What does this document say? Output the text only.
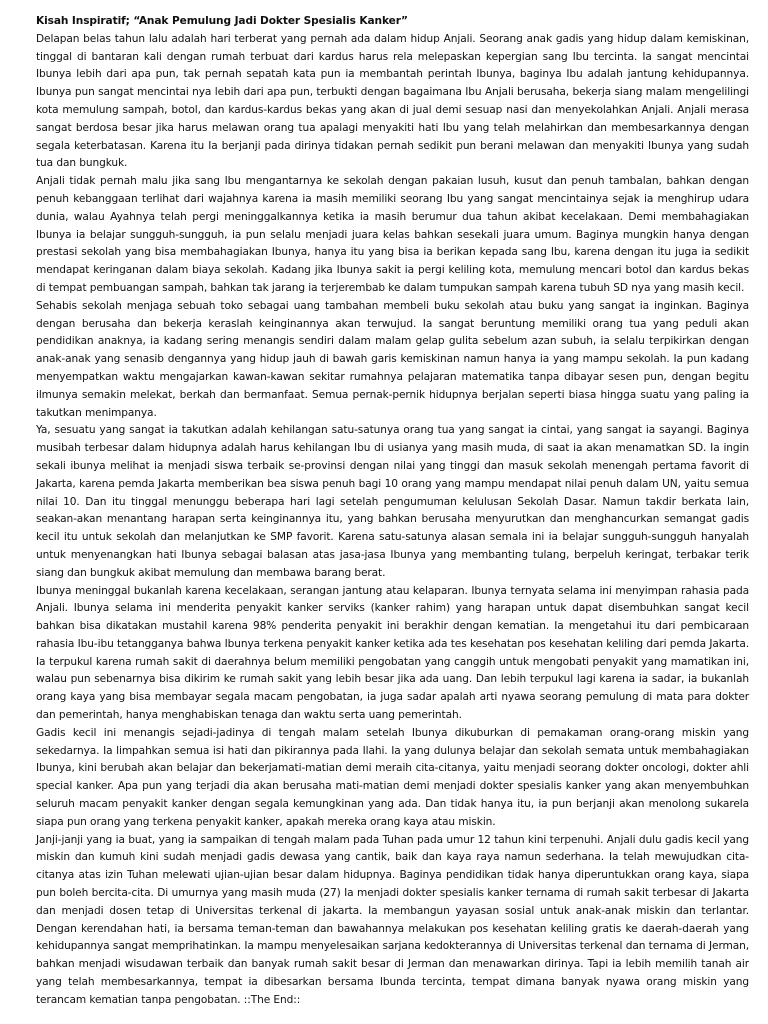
Kisah Inspiratif; “Anak Pemulung Jadi Dokter Spesialis Kanker”

Delapan belas tahun lalu adalah hari terberat yang pernah ada dalam hidup Anjali. Seorang anak gadis yang hidup dalam kemiskinan, tinggal di bantaran kali dengan rumah terbuat dari kardus harus rela melepaskan kepergian sang Ibu tercinta. Ia sangat mencintai Ibunya lebih dari apa pun, tak pernah sepatah kata pun ia membantah perintah Ibunya, baginya Ibu adalah jantung kehidupannya. Ibunya pun sangat mencintai nya lebih dari apa pun, terbukti dengan bagaimana Ibu Anjali berusaha, bekerja siang malam mengelilingi kota memulung sampah, botol, dan kardus-kardus bekas yang akan di jual demi sesuap nasi dan menyekolahkan Anjali. Anjali merasa sangat berdosa besar jika harus melawan orang tua apalagi menyakiti hati Ibu yang telah melahirkan dan membesarkannya dengan segala keterbatasan. Karena itu Ia berjanji pada dirinya tidakan pernah sedikit pun berani melawan dan menyakiti Ibunya yang sudah tua dan bungkuk.

Anjali tidak pernah malu jika sang Ibu mengantarnya ke sekolah dengan pakaian lusuh, kusut dan penuh tambalan, bahkan dengan penuh kebanggaan terlihat dari wajahnya karena ia masih memiliki seorang Ibu yang sangat mencintainya sejak ia menghirup udara dunia, walau Ayahnya telah pergi meninggalkannya ketika ia masih berumur dua tahun akibat kecelakaan. Demi membahagiakan Ibunya ia belajar sungguh-sungguh, ia pun selalu menjadi juara kelas bahkan sesekali juara umum. Baginya mungkin hanya dengan prestasi sekolah yang bisa membahagiakan Ibunya, hanya itu yang bisa ia berikan kepada sang Ibu, karena dengan itu juga ia sedikit mendapat keringanan dalam biaya sekolah. Kadang jika Ibunya sakit ia pergi keliling kota, memulung mencari botol dan kardus bekas di tempat pembuangan sampah, bahkan tak jarang ia terjerembab ke dalam tumpukan sampah karena tubuh SD nya yang masih kecil.

Sehabis sekolah menjaga sebuah toko sebagai uang tambahan membeli buku sekolah atau buku yang sangat ia inginkan. Baginya dengan berusaha dan bekerja keraslah keinginannya akan terwujud. Ia sangat beruntung memiliki orang tua yang peduli akan pendidikan anaknya, ia kadang sering menangis sendiri dalam malam gelap gulita sebelum azan subuh, ia selalu terpikirkan dengan anak-anak yang senasib dengannya yang hidup jauh di bawah garis kemiskinan namun hanya ia yang mampu sekolah. Ia pun kadang menyempatkan waktu mengajarkan kawan-kawan sekitar rumahnya pelajaran matematika tanpa dibayar sesen pun, dengan begitu ilmunya semakin melekat, berkah dan bermanfaat. Semua pernak-pernik hidupnya berjalan seperti biasa hingga suatu yang paling ia takutkan menimpanya.

Ya, sesuatu yang sangat ia takutkan adalah kehilangan satu-satunya orang tua yang sangat ia cintai, yang sangat ia sayangi. Baginya musibah terbesar dalam hidupnya adalah harus kehilangan Ibu di usianya yang masih muda, di saat ia akan menamatkan SD. Ia ingin sekali ibunya melihat ia menjadi siswa terbaik se-provinsi dengan nilai yang tinggi dan masuk sekolah menengah pertama favorit di Jakarta, karena pemda Jakarta memberikan bea siswa penuh bagi 10 orang yang mampu mendapat nilai penuh dalam UN, yaitu semua nilai 10. Dan itu tinggal menunggu beberapa hari lagi setelah pengumuman kelulusan Sekolah Dasar. Namun takdir berkata lain, seakan-akan menantang harapan serta keinginannya itu, yang bahkan berusaha menyurutkan dan menghancurkan semangat gadis kecil itu untuk sekolah dan melanjutkan ke SMP favorit. Karena satu-satunya alasan semala ini ia belajar sungguh-sungguh hanyalah untuk menyenangkan hati Ibunya sebagai balasan atas jasa-jasa Ibunya yang membanting tulang, berpeluh keringat, terbakar terik siang dan bungkuk akibat memulung dan membawa barang berat.

Ibunya meninggal bukanlah karena kecelakaan, serangan jantung atau kelaparan. Ibunya ternyata selama ini menyimpan rahasia pada Anjali. Ibunya selama ini menderita penyakit kanker serviks (kanker rahim) yang harapan untuk dapat disembuhkan sangat kecil bahkan bisa dikatakan mustahil karena 98% penderita penyakit ini berakhir dengan kematian. Ia mengetahui itu dari pembicaraan rahasia Ibu-ibu tetangganya bahwa Ibunya terkena penyakit kanker ketika ada tes kesehatan pos kesehatan keliling dari pemda Jakarta. Ia terpukul karena rumah sakit di daerahnya belum memiliki pengobatan yang canggih untuk mengobati penyakit yang mamatikan ini, walau pun sebenarnya bisa dikirim ke rumah sakit yang lebih besar jika ada uang. Dan lebih terpukul lagi karena ia sadar, ia bukanlah orang kaya yang bisa membayar segala macam pengobatan, ia juga sadar apalah arti nyawa seorang pemulung di mata para dokter dan pemerintah, hanya menghabiskan tenaga dan waktu serta uang pemerintah.

Gadis kecil ini menangis sejadi-jadinya di tengah malam setelah Ibunya dikuburkan di pemakaman orang-orang miskin yang sekedarnya. Ia limpahkan semua isi hati dan pikirannya pada Ilahi. Ia yang dulunya belajar dan sekolah semata untuk membahagiakan Ibunya, kini berubah akan belajar dan bekerjamati-matian demi meraih cita-citanya, yaitu menjadi seorang dokter oncologi, dokter ahli special kanker. Apa pun yang terjadi dia akan berusaha mati-matian demi menjadi dokter spesialis kanker yang akan menyembuhkan seluruh macam penyakit kanker dengan segala kemungkinan yang ada. Dan tidak hanya itu, ia pun berjanji akan menolong sukarela siapa pun orang yang terkena penyakit kanker, apakah mereka orang kaya atau miskin.

Janji-janji yang ia buat, yang ia sampaikan di tengah malam pada Tuhan pada umur 12 tahun kini terpenuhi. Anjali dulu gadis kecil yang miskin dan kumuh kini sudah menjadi gadis dewasa yang cantik, baik dan kaya raya namun sederhana. Ia telah mewujudkan cita-citanya atas izin Tuhan melewati ujian-ujian besar dalam hidupnya. Baginya pendidikan tidak hanya diperuntukkan orang kaya, siapa pun boleh bercita-cita. Di umurnya yang masih muda (27) Ia menjadi dokter spesialis kanker ternama di rumah sakit terbesar di Jakarta dan menjadi dosen tetap di Universitas terkenal di jakarta. Ia membangun yayasan sosial untuk anak-anak miskin dan terlantar. Dengan kerendahan hati, ia bersama teman-teman dan bawahannya melakukan pos kesehatan keliling gratis ke daerah-daerah yang kehidupannya sangat memprihatinkan. Ia mampu menyelesaikan sarjana kedokterannya di Universitas terkenal dan ternama di Jerman, bahkan menjadi wisudawan terbaik dan banyak rumah sakit besar di Jerman dan menawarkan dirinya. Tapi ia lebih memilih tanah air yang telah membesarkannya, tempat ia dibesarkan bersama Ibunda tercinta, tempat dimana banyak nyawa orang miskin yang terancam kematian tanpa pengobatan. ::The End::
